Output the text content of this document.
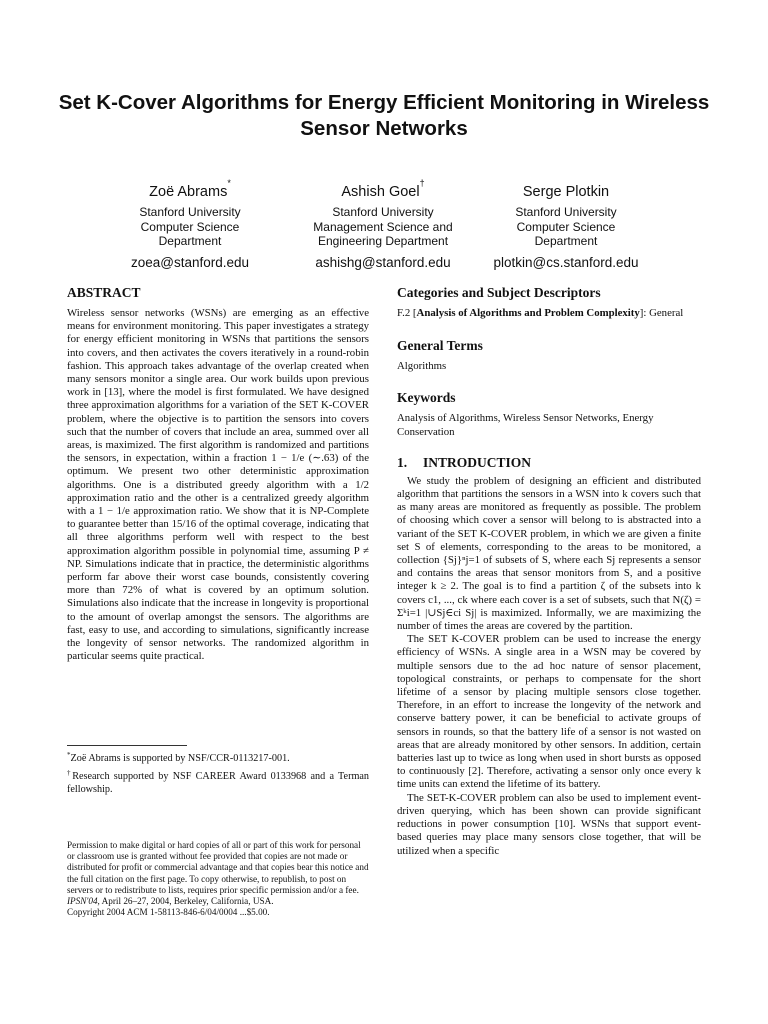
Set K-Cover Algorithms for Energy Efficient Monitoring in Wireless Sensor Networks
Zoë Abrams*
Stanford University
Computer Science
Department
zoea@stanford.edu
Ashish Goel†
Stanford University
Management Science and
Engineering Department
ashishg@stanford.edu
Serge Plotkin
Stanford University
Computer Science
Department
plotkin@cs.stanford.edu
ABSTRACT

Wireless sensor networks (WSNs) are emerging as an effective means for environment monitoring. This paper investigates a strategy for energy efficient monitoring in WSNs that partitions the sensors into covers, and then activates the covers iteratively in a round-robin fashion. This approach takes advantage of the overlap created when many sensors monitor a single area. Our work builds upon previous work in [13], where the model is first formulated. We have designed three approximation algorithms for a variation of the SET K-COVER problem, where the objective is to partition the sensors into covers such that the number of covers that include an area, summed over all areas, is maximized. The first algorithm is randomized and partitions the sensors, in expectation, within a fraction 1 − 1/e (∼.63) of the optimum. We present two other deterministic approximation algorithms. One is a distributed greedy algorithm with a 1/2 approximation ratio and the other is a centralized greedy algorithm with a 1 − 1/e approximation ratio. We show that it is NP-Complete to guarantee better than 15/16 of the optimal coverage, indicating that all three algorithms perform well with respect to the best approximation algorithm possible in polynomial time, assuming P ≠ NP. Simulations indicate that in practice, the deterministic algorithms perform far above their worst case bounds, consistently covering more than 72% of what is covered by an optimum solution. Simulations also indicate that the increase in longevity is proportional to the amount of overlap amongst the sensors. The algorithms are fast, easy to use, and according to simulations, significantly increase the longevity of sensor networks. The randomized algorithm in particular seems quite practical.

*Zoë Abrams is supported by NSF/CCR-0113217-001.

†Research supported by NSF CAREER Award 0133968 and a Terman fellowship.

Permission to make digital or hard copies of all or part of this work for personal or classroom use is granted without fee provided that copies are not made or distributed for profit or commercial advantage and that copies bear this notice and the full citation on the first page. To copy otherwise, to republish, to post on servers or to redistribute to lists, requires prior specific permission and/or a fee.

IPSN'04, April 26–27, 2004, Berkeley, California, USA.

Copyright 2004 ACM 1-58113-846-6/04/0004 ...$5.00.

Categories and Subject Descriptors

F.2 [Analysis of Algorithms and Problem Complexity]: General

General Terms

Algorithms

Keywords

Analysis of Algorithms, Wireless Sensor Networks, Energy Conservation

1. INTRODUCTION

We study the problem of designing an efficient and distributed algorithm that partitions the sensors in a WSN into k covers such that as many areas are monitored as frequently as possible. The problem of choosing which cover a sensor will belong to is abstracted into a variant of the SET K-COVER problem, in which we are given a finite set S of elements, corresponding to the areas to be monitored, a collection {Sj}ⁿj=1 of subsets of S, where each Sj represents a sensor and contains the areas that sensor monitors from S, and a positive integer k ≥ 2. The goal is to find a partition ζ of the subsets into k covers c1, ..., ck where each cover is a set of subsets, such that N(ζ) = Σᵏi=1 |∪Sj∈ci Sj| is maximized. Informally, we are maximizing the number of times the areas are covered by the partition.

The SET K-COVER problem can be used to increase the energy efficiency of WSNs. A single area in a WSN may be covered by multiple sensors due to the ad hoc nature of sensor placement, topological constraints, or perhaps to compensate for the short lifetime of a sensor by placing multiple sensors close together. Therefore, in an effort to increase the longevity of the network and conserve battery power, it can be beneficial to activate groups of sensors in rounds, so that the battery life of a sensor is not wasted on areas that are already monitored by other sensors. In addition, certain batteries last up to twice as long when used in short bursts as opposed to continuously [2]. Therefore, activating a sensor only once every k time units can extend the lifetime of its battery.

The SET-K-COVER problem can also be used to implement event-driven querying, which has been shown can provide significant reductions in power consumption [10]. WSNs that support event-based queries may place many sensors close together, that will be utilized when a specific
